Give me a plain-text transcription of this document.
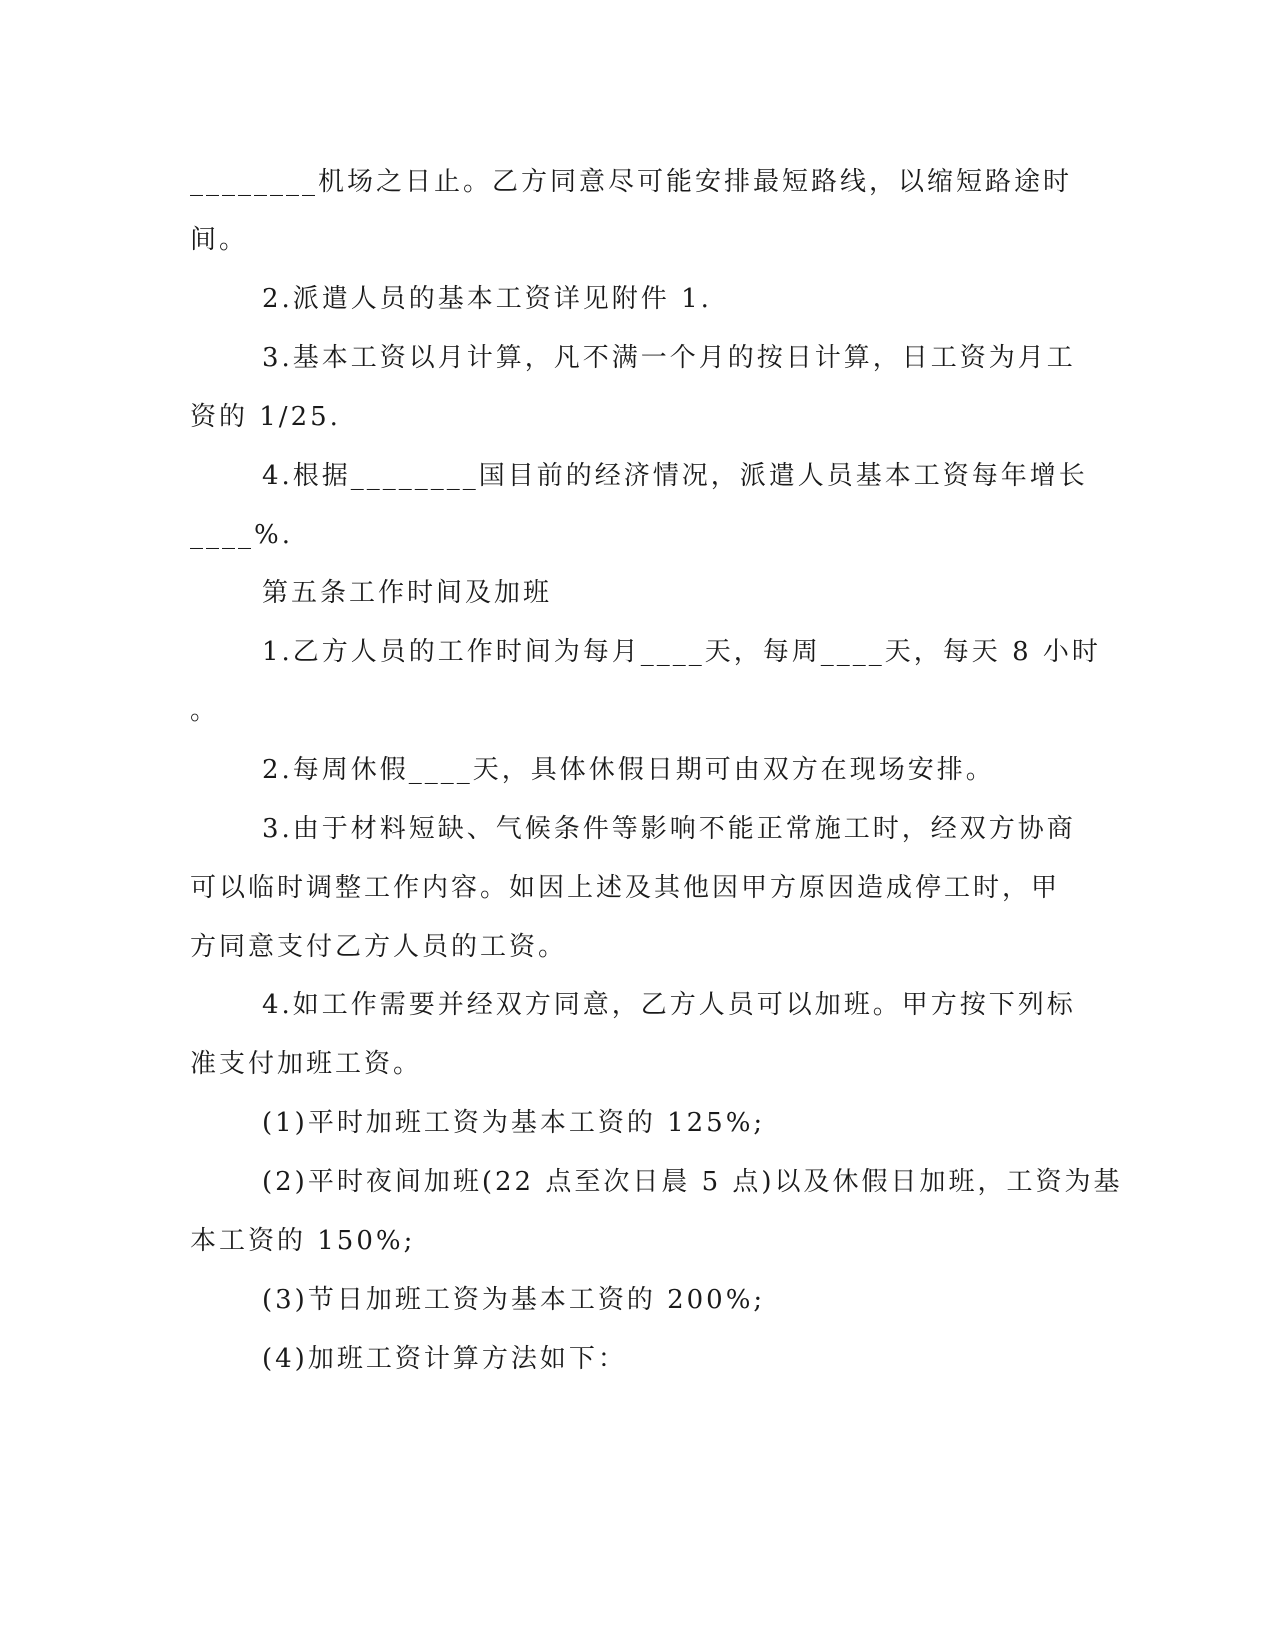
________机场之日止。乙方同意尽可能安排最短路线，以缩短路途时
间。
2.派遣人员的基本工资详见附件 1.
3.基本工资以月计算，凡不满一个月的按日计算，日工资为月工
资的 1/25.
4.根据________国目前的经济情况，派遣人员基本工资每年增长
____%.
第五条工作时间及加班
1.乙方人员的工作时间为每月____天，每周____天，每天 8 小时
。
2.每周休假____天，具体休假日期可由双方在现场安排。
3.由于材料短缺、气候条件等影响不能正常施工时，经双方协商
可以临时调整工作内容。如因上述及其他因甲方原因造成停工时，甲
方同意支付乙方人员的工资。
4.如工作需要并经双方同意，乙方人员可以加班。甲方按下列标
准支付加班工资。
(1)平时加班工资为基本工资的 125%;
(2)平时夜间加班(22 点至次日晨 5 点)以及休假日加班，工资为基
本工资的 150%;
(3)节日加班工资为基本工资的 200%;
(4)加班工资计算方法如下：
